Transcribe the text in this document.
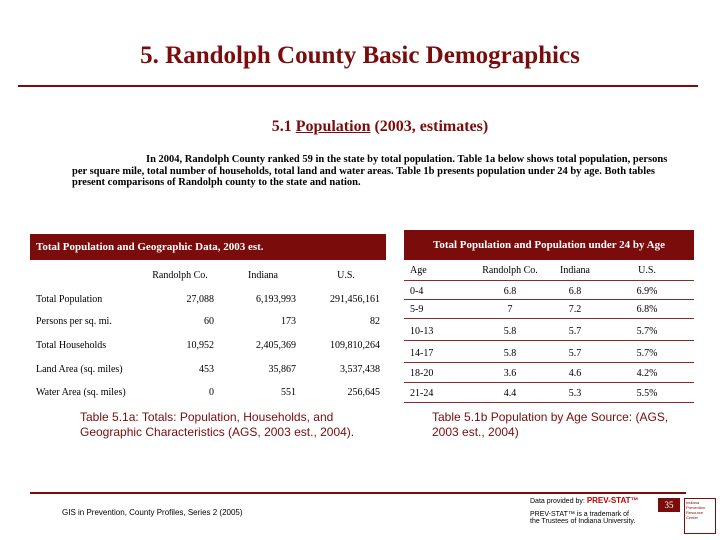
5. Randolph County Basic Demographics
5.1 Population (2003, estimates)
In 2004, Randolph County ranked 59 in the state by total population. Table 1a below shows total population, persons per square mile, total number of households, total land and water areas. Table 1b presents population under 24 by age. Both tables present comparisons of Randolph county to the state and nation.
Total Population and Geographic Data, 2003 est.
Randolph Co.	Indiana	U.S.
Total Population	27,088	6,193,993	291,456,161
Persons per sq. mi.	60	173	82
Total Households	10,952	2,405,369	109,810,264
Land Area (sq. miles)	453	35,867	3,537,438
Water Area (sq. miles)	0	551	256,645
Table 5.1a: Totals: Population, Households, and Geographic Characteristics (AGS, 2003 est., 2004).
Total Population and Population under 24 by Age
Age	Randolph Co.	Indiana	U.S.
0-4	6.8	6.8	6.9%
5-9	7	7.2	6.8%
10-13	5.8	5.7	5.7%
14-17	5.8	5.7	5.7%
18-20	3.6	4.6	4.2%
21-24	4.4	5.3	5.5%
Table 5.1b Population by Age Source: (AGS, 2003 est., 2004)
GIS in Prevention, County Profiles, Series 2 (2005)
Data provided by: PREV-STAT™
PREV-STAT™ is a trademark of
the Trustees of Indiana University.
35	Indiana Prevention Resource Center
